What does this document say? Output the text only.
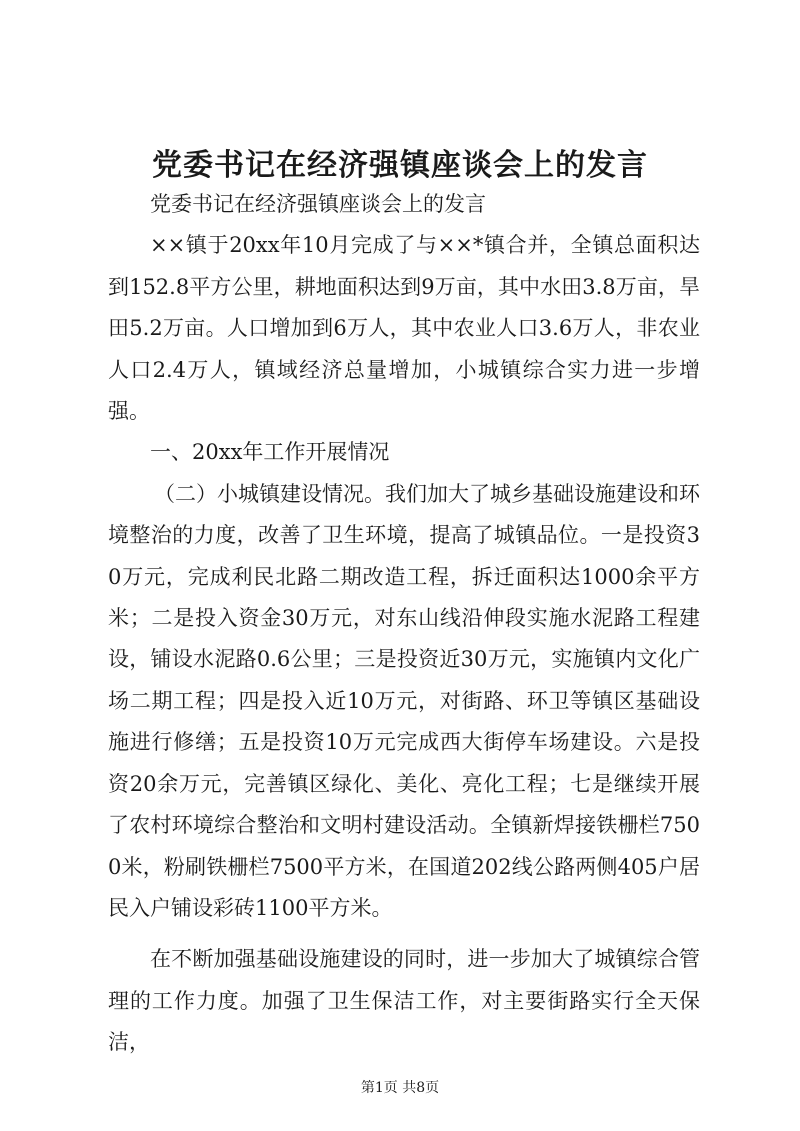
党委书记在经济强镇座谈会上的发言

党委书记在经济强镇座谈会上的发言

××镇于20xx年10月完成了与××*镇合并，全镇总面积达到152.8平方公里，耕地面积达到9万亩，其中水田3.8万亩，旱田5.2万亩。人口增加到6万人，其中农业人口3.6万人，非农业人口2.4万人，镇域经济总量增加，小城镇综合实力进一步增强。

一、20xx年工作开展情况

（二）小城镇建设情况。我们加大了城乡基础设施建设和环境整治的力度，改善了卫生环境，提高了城镇品位。一是投资30万元，完成利民北路二期改造工程，拆迁面积达1000余平方米；二是投入资金30万元，对东山线沿伸段实施水泥路工程建设，铺设水泥路0.6公里；三是投资近30万元，实施镇内文化广场二期工程；四是投入近10万元，对街路、环卫等镇区基础设施进行修缮；五是投资10万元完成西大街停车场建设。六是投资20余万元，完善镇区绿化、美化、亮化工程；七是继续开展了农村环境综合整治和文明村建设活动。全镇新焊接铁栅栏7500米，粉刷铁栅栏7500平方米，在国道202线公路两侧405户居民入户铺设彩砖1100平方米。

在不断加强基础设施建设的同时，进一步加大了城镇综合管理的工作力度。加强了卫生保洁工作，对主要街路实行全天保洁，

第1页 共8页
